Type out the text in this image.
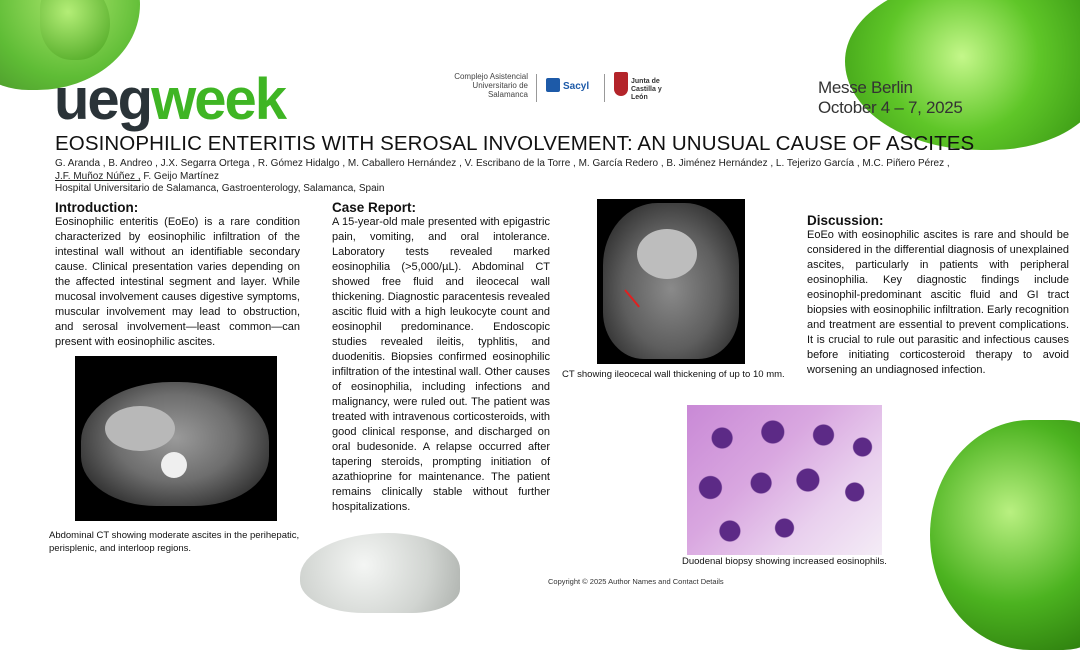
uegweek	Complejo Asistencial Universitario de Salamanca
Sacyl	Junta de Castilla y León
Messe Berlin
October 4 – 7, 2025
EOSINOPHILIC ENTERITIS WITH SEROSAL INVOLVEMENT: AN UNUSUAL CAUSE OF ASCITES
G. Aranda , B. Andreo , J.X. Segarra Ortega , R. Gómez Hidalgo , M. Caballero Hernández , V. Escribano de la Torre , M. García Redero , B. Jiménez Hernández , L. Tejerizo García , M.C. Piñero Pérez ,
J.F. Muñoz Núñez , F. Geijo Martínez
Hospital Universitario de Salamanca, Gastroenterology, Salamanca, Spain
Introduction:

Eosinophilic enteritis (EoEo) is a rare condition characterized by eosinophilic infiltration of the intestinal wall without an identifiable secondary cause. Clinical presentation varies depending on the affected intestinal segment and layer. While mucosal involvement causes digestive symptoms, muscular involvement may lead to obstruction, and serosal involvement—least common—can present with eosinophilic ascites.

Abdominal CT showing moderate ascites in the perihepatic, perisplenic, and interloop regions.
Case Report:

A 15-year-old male presented with epigastric pain, vomiting, and oral intolerance. Laboratory tests revealed marked eosinophilia (>5,000/µL). Abdominal CT showed free fluid and ileocecal wall thickening. Diagnostic paracentesis revealed ascitic fluid with a high leukocyte count and eosinophil predominance. Endoscopic studies revealed ileitis, typhlitis, and duodenitis. Biopsies confirmed eosinophilic infiltration of the intestinal wall. Other causes of eosinophilia, including infections and malignancy, were ruled out. The patient was treated with intravenous corticosteroids, with good clinical response, and discharged on oral budesonide. A relapse occurred after tapering steroids, prompting initiation of azathioprine for maintenance. The patient remains clinically stable without further hospitalizations.

CT showing ileocecal wall thickening of up to 10 mm.
Duodenal biopsy showing increased eosinophils.
Discussion:

EoEo with eosinophilic ascites is rare and should be considered in the differential diagnosis of unexplained ascites, particularly in patients with peripheral eosinophilia. Key diagnostic findings include eosinophil-predominant ascitic fluid and GI tract biopsies with eosinophilic infiltration. Early recognition and treatment are essential to prevent complications. It is crucial to rule out parasitic and infectious causes before initiating corticosteroid therapy to avoid worsening an undiagnosed infection.

Copyright © 2025 Author Names and Contact Details
